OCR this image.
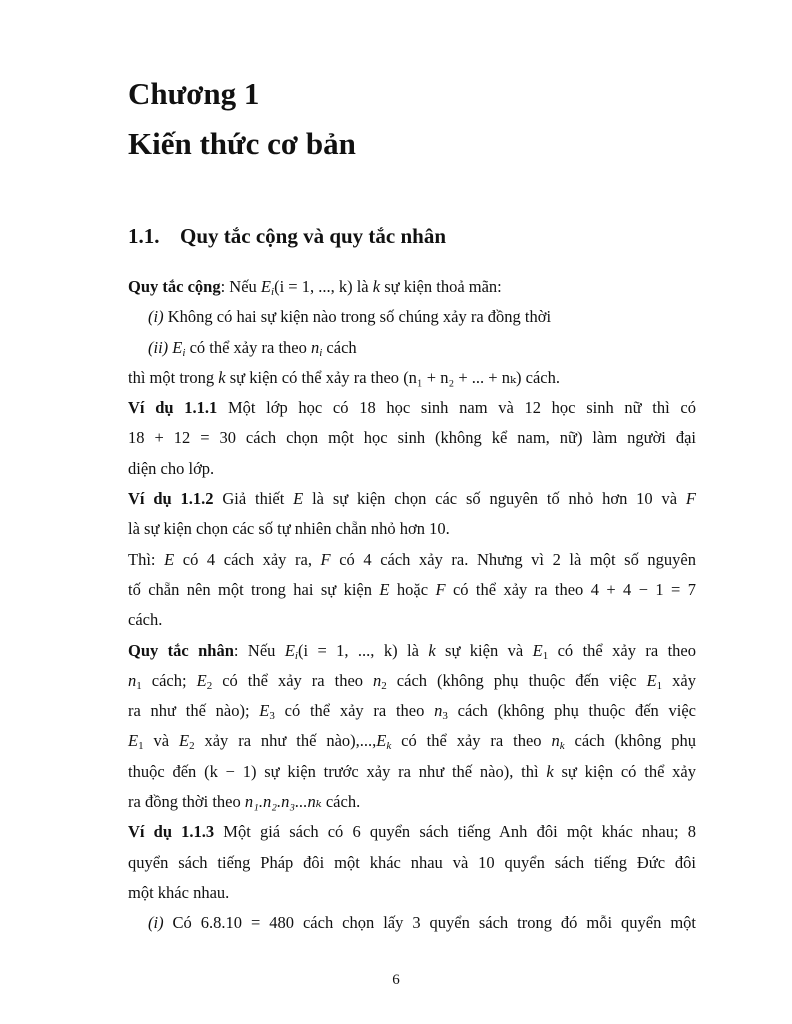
Chương 1
Kiến thức cơ bản
1.1. Quy tắc cộng và quy tắc nhân
Quy tắc cộng: Nếu $E_i(i = 1$, ..., k) là k sự kiện thoả mãn:
(i) Không có hai sự kiện nào trong số chúng xảy ra đồng thời
(ii) $E_i$ có thể xảy ra theo $n_i$ cách
thì một trong k sự kiện có thể xảy ra theo (n₁ + n₂ + ... + nₖ) cách.
Ví dụ 1.1.1 Một lớp học có 18 học sinh nam và 12 học sinh nữ thì có
18 + 12 = 30 cách chọn một học sinh (không kể nam, nữ) làm người đại
diện cho lớp.
Ví dụ 1.1.2 Giả thiết E là sự kiện chọn các số nguyên tố nhỏ hơn 10 và F
là sự kiện chọn các số tự nhiên chẵn nhỏ hơn 10.
Thì: E có 4 cách xảy ra, F có 4 cách xảy ra. Nhưng vì 2 là một số nguyên
tố chẵn nên một trong hai sự kiện E hoặc F có thể xảy ra theo 4 + 4 − 1 = 7
cách.
Quy tắc nhân: Nếu $E_i(i = 1$, ..., k) là k sự kiện và $E_1$ có thể xảy ra theo
$n_1$ cách; $E_2$ có thể xảy ra theo $n_2$ cách (không phụ thuộc đến việc $E_1$ xảy
ra như thế nào); $E_3$ có thể xảy ra theo $n_3$ cách (không phụ thuộc đến việc
$E_1$ và $E_2$ xảy ra như thế $nào),...,E_k$ có thể xảy ra theo $n_k$ cách (không phụ
thuộc đến (k − 1) sự kiện trước xảy ra như thế nào), thì k sự kiện có thể xảy
ra đồng thời theo n₁.n₂.n₃...nₖ cách.
Ví dụ 1.1.3 Một giá sách có 6 quyển sách tiếng Anh đôi một khác nhau; 8
quyển sách tiếng Pháp đôi một khác nhau và 10 quyển sách tiếng Đức đôi
một khác nhau.
(i) Có 6.8.10 = 480 cách chọn lấy 3 quyển sách trong đó mỗi quyển một
6
